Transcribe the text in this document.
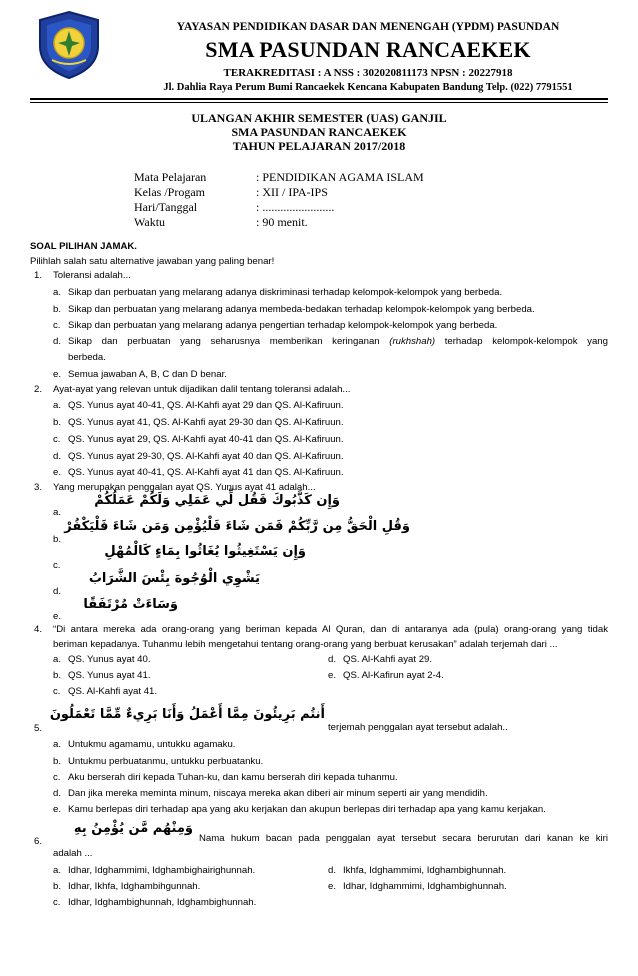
YAYASAN PENDIDIKAN DASAR DAN MENENGAH (YPDM) PASUNDAN
SMA PASUNDAN RANCAEKEK
TERAKREDITASI : A NSS : 302020811173 NPSN : 20227918
Jl. Dahlia Raya Perum Bumi Rancaekek Kencana Kabupaten Bandung Telp. (022) 7791551
ULANGAN AKHIR SEMESTER (UAS) GANJIL
SMA PASUNDAN RANCAEKEK
TAHUN PELAJARAN 2017/2018
Mata Pelajaran	: PENDIDIKAN AGAMA ISLAM
Kelas /Progam	: XII / IPA-IPS
Hari/Tanggal	: ........................
Waktu	: 90 menit.
SOAL PILIHAN JAMAK.
Pilihlah salah satu alternative jawaban yang paling benar!
1. Toleransi adalah...
a. Sikap dan perbuatan yang melarang adanya diskriminasi terhadap kelompok-kelompok yang berbeda.
b. Sikap dan perbuatan yang melarang adanya membeda-bedakan terhadap kelompok-kelompok yang berbeda.
c. Sikap dan perbuatan yang melarang adanya pengertian terhadap kelompok-kelompok yang berbeda.
d. Sikap dan perbuatan yang seharusnya memberikan keringanan (rukhshah) terhadap kelompok-kelompok yang
berbeda.
e. Semua jawaban A, B, C dan D benar.
2. Ayat-ayat yang relevan untuk dijadikan dalil tentang toleransi adalah...
a. QS. Yunus ayat 40-41, QS. Al-Kahfi ayat 29 dan QS. Al-Kafiruun.
b. QS. Yunus ayat 41, QS. Al-Kahfi ayat 29-30 dan QS. Al-Kafiruun.
c. QS. Yunus ayat 29, QS. Al-Kahfi ayat 40-41 dan QS. Al-Kafiruun.
d. QS. Yunus ayat 29-30, QS. Al-Kahfi ayat 40 dan QS. Al-Kafiruun.
e. QS. Yunus ayat 40-41, QS. Al-Kahfi ayat 41 dan QS. Al-Kafiruun.
3. Yang merupakan penggalan ayat QS. Yunus ayat 41 adalah...
وَإِن كَذَّبُوكَ فَقُل لِّي عَمَلِي وَلَكُمْ عَمَلُكُمْ
a.
وَقُلِ الْحَقُّ مِن رَّبِّكُمْ فَمَن شَاءَ فَلْيُؤْمِن وَمَن شَاءَ فَلْيَكْفُرْ
b.
وَإِن يَسْتَغِيثُوا يُغَاثُوا بِمَاءٍ كَالْمُهْلِ
c.
يَشْوِي الْوُجُوهَ بِئْسَ الشَّرَابُ
d.
وَسَاءَتْ مُرْتَفَقًا
e.
4. “Di antara mereka ada orang-orang yang beriman kepada Al Quran, dan di antaranya ada (pula) orang-orang yang tidak
beriman kepadanya. Tuhanmu lebih mengetahui tentang orang-orang yang berbuat kerusakan” adalah terjemah dari ...
a. QS. Yunus ayat 40.	d. QS. Al-Kahfi ayat 29.
b. QS. Yunus ayat 41.	e. QS. Al-Kafirun ayat 2-4.
c. QS. Al-Kahfi ayat 41.
أَنتُم بَرِيئُونَ مِمَّا أَعْمَلُ وَأَنَا بَرِيءٌ مِّمَّا تَعْمَلُونَ
5.	terjemah penggalan ayat tersebut adalah..
a. Untukmu agamamu, untukku agamaku.
b. Untukmu perbuatanmu, untukku perbuatanku.
c. Aku berserah diri kepada Tuhan-ku, dan kamu berserah diri kepada tuhanmu.
d. Dan jika mereka meminta minum, niscaya mereka akan diberi air minum seperti air yang mendidih.
e. Kamu berlepas diri terhadap apa yang aku kerjakan dan akupun berlepas diri terhadap apa yang kamu kerjakan.
وَمِنْهُم مَّن يُؤْمِنُ بِهِ
6.	Nama hukum bacan pada penggalan ayat tersebut secara berurutan dari kanan ke kiri
adalah ...
a. Idhar, Idghammimi, Idghambighairighunnah.	d. Ikhfa, Idghammimi, Idghambighunnah.
b. Idhar, Ikhfa, Idghambihgunnah.	e. Idhar, Idghammimi, Idghambighunnah.
c. Idhar, Idghambighunnah, Idghambighunnah.
